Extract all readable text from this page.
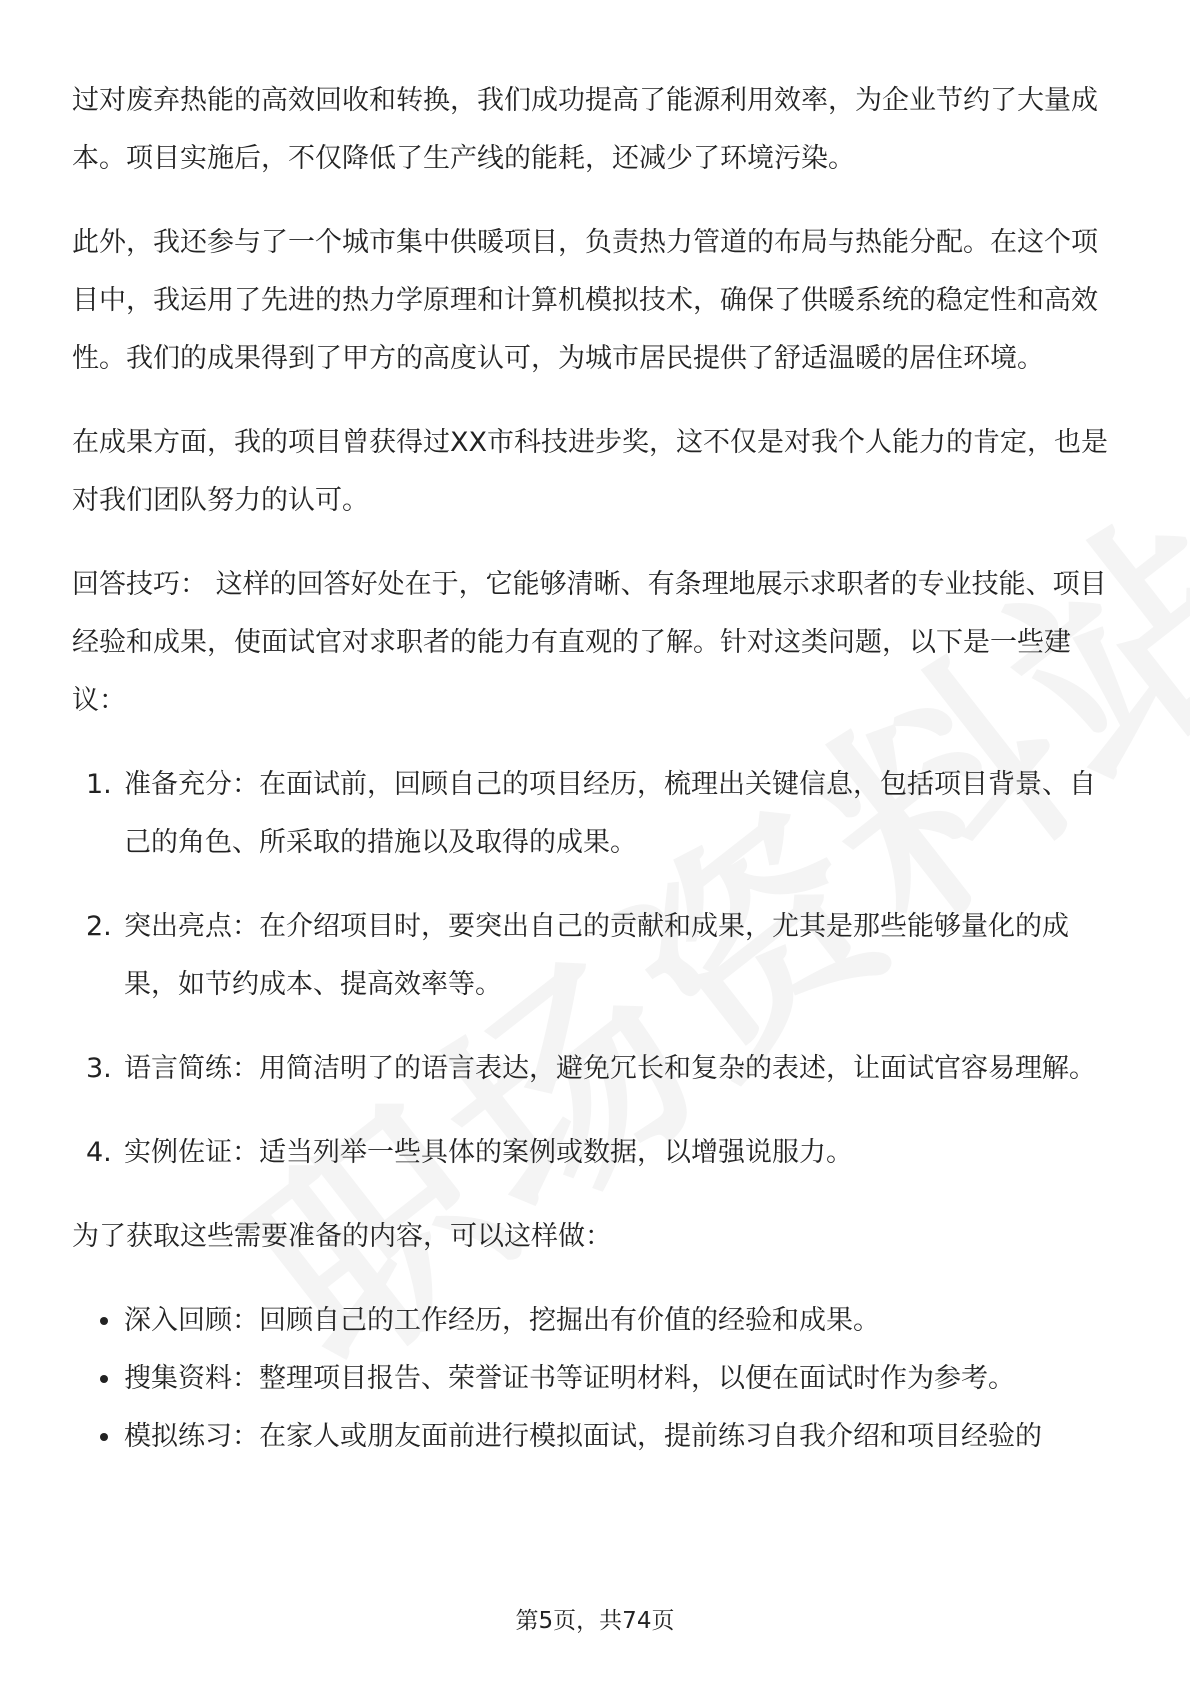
过对废弃热能的高效回收和转换，我们成功提高了能源利用效率，为企业节约了大量成本。项目实施后，不仅降低了生产线的能耗，还减少了环境污染。

此外，我还参与了一个城市集中供暖项目，负责热力管道的布局与热能分配。在这个项目中，我运用了先进的热力学原理和计算机模拟技术，确保了供暖系统的稳定性和高效性。我们的成果得到了甲方的高度认可，为城市居民提供了舒适温暖的居住环境。

在成果方面，我的项目曾获得过XX市科技进步奖，这不仅是对我个人能力的肯定，也是对我们团队努力的认可。

回答技巧： 这样的回答好处在于，它能够清晰、有条理地展示求职者的专业技能、项目经验和成果，使面试官对求职者的能力有直观的了解。针对这类问题，以下是一些建议：

1. 准备充分：在面试前，回顾自己的项目经历，梳理出关键信息，包括项目背景、自己的角色、所采取的措施以及取得的成果。
2. 突出亮点：在介绍项目时，要突出自己的贡献和成果，尤其是那些能够量化的成果，如节约成本、提高效率等。
3. 语言简练：用简洁明了的语言表达，避免冗长和复杂的表述，让面试官容易理解。
4. 实例佐证：适当列举一些具体的案例或数据，以增强说服力。

为了获取这些需要准备的内容，可以这样做：

深入回顾：回顾自己的工作经历，挖掘出有价值的经验和成果。
搜集资料：整理项目报告、荣誉证书等证明材料，以便在面试时作为参考。
模拟练习：在家人或朋友面前进行模拟面试，提前练习自我介绍和项目经验的
第5页，共74页
